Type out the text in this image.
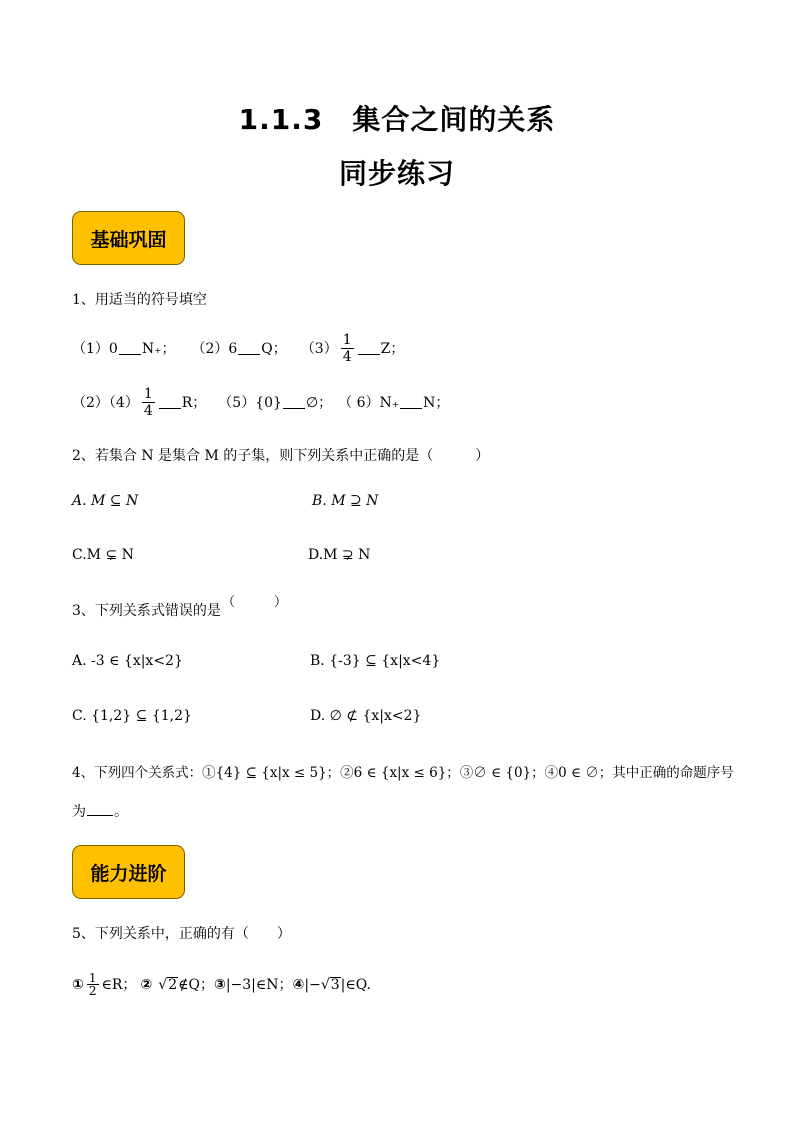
1.1.3　集合之间的关系
同步练习
基础巩固
1、用适当的符号填空
（1）0 N₊； （2）6 Q； $(3) \frac{1}{4}$ Z；
$(2)(4) \frac{1}{4}$ R； （5）{0} ∅； （ 6）N₊ N；
2、若集合 N 是集合 M 的子集，则下列关系中正确的是（　　　）
A. M ⊆ N	B. M ⊇ N
C.M ⊊ N	D.M ⊋ N
3、下列关系式错误的是
（　　　）
A. -3 ∈ {x|x<2}	B. {-3} ⊆ {x|x<4}
C. {1,2} ⊆ {1,2}	D. ∅ ⊄ {x|x<2}
4、下列四个关系式：①{4} ⊆ {x|x ≤ 5}；②6 ∈ {x|x ≤ 6}；③∅ ∈ {0}；④0 ∈ ∅；其中正确的命题序号
为 。
能力进阶
5、下列关系中，正确的有（　　）
① $\frac{1}{2}$ ∈R； ② √ 2 ∉Q； ③ |−3|∈N； ④ |− √ 3 |∈Q.
